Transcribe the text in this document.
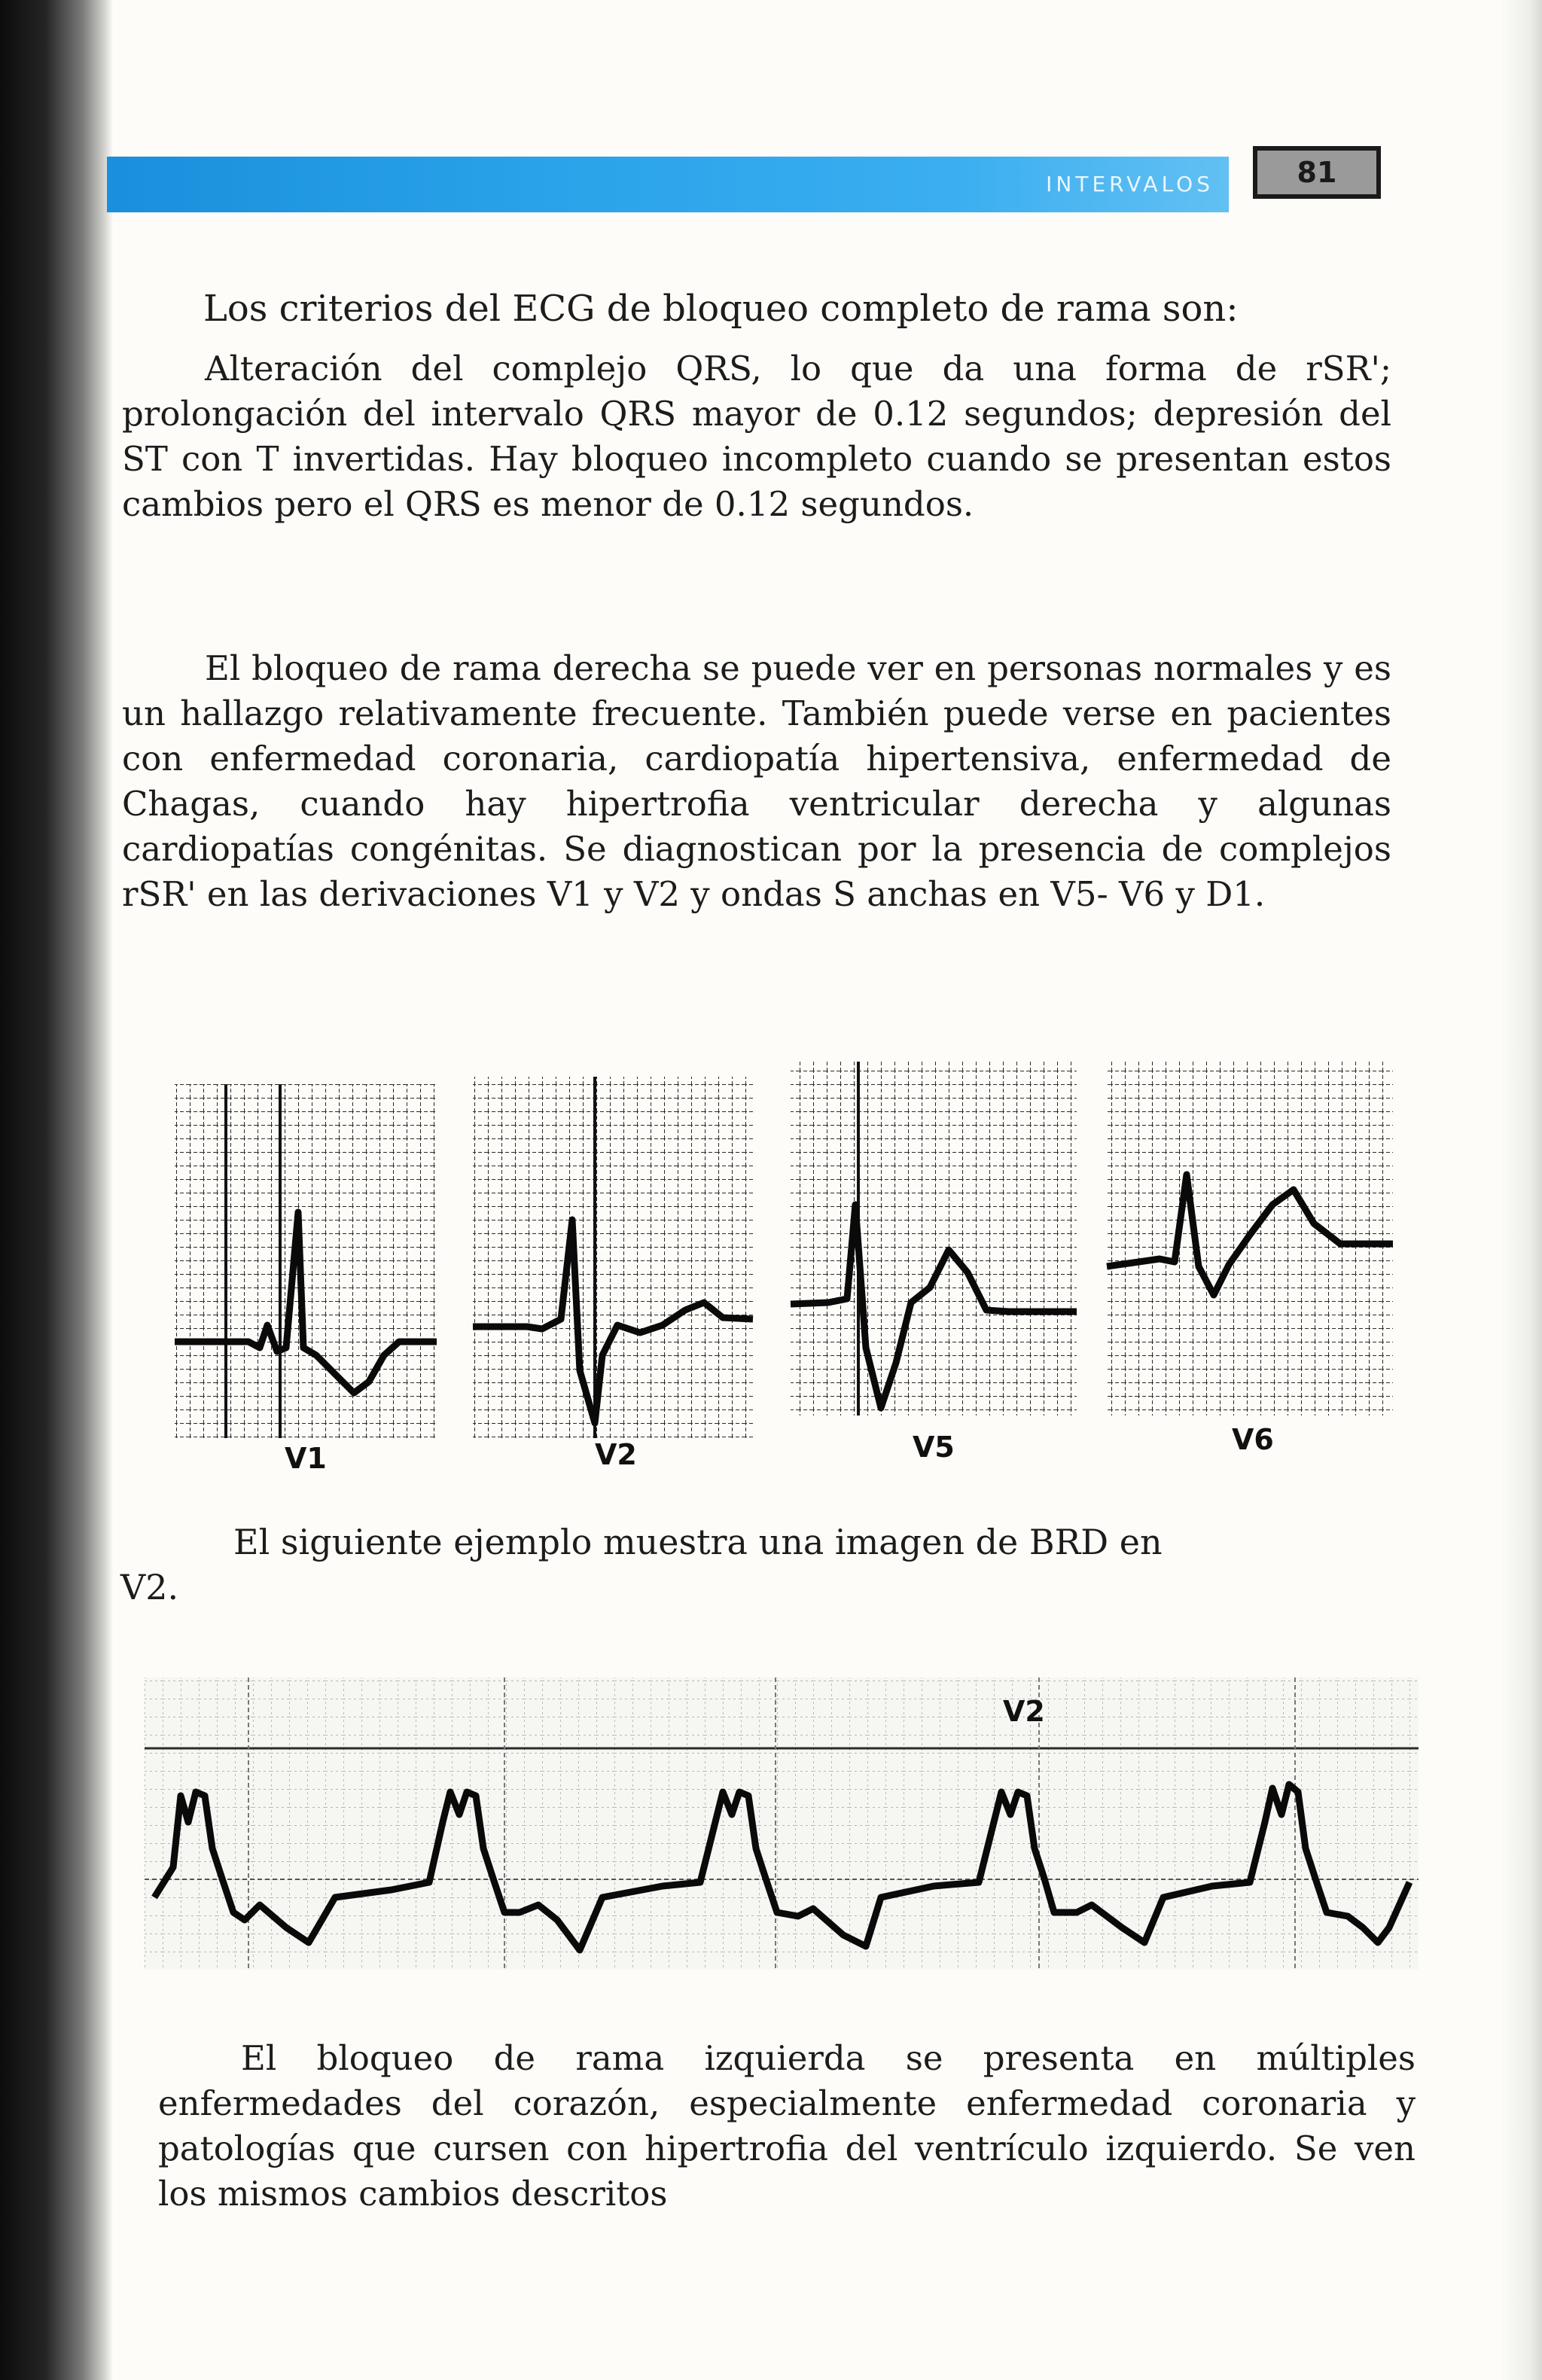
INTERVALOS	81
Los criterios del ECG de bloqueo completo de rama son:

Alteración del complejo QRS, lo que da una forma de rSR'; prolongación del intervalo QRS mayor de 0.12 segundos; depresión del ST con T invertidas. Hay bloqueo incompleto cuando se presentan estos cambios pero el QRS es menor de 0.12 segundos.

El bloqueo de rama derecha se puede ver en personas normales y es un hallazgo relativamente frecuente. También puede verse en pacientes con enfermedad coronaria, cardiopatía hipertensiva, enfermedad de Chagas, cuando hay hipertrofia ventricular derecha y algunas cardiopatías congénitas. Se diagnostican por la presencia de complejos rSR' en las derivaciones V1 y V2 y ondas S anchas en V5- V6 y D1.

V1	V2	V5	V6
V2
El siguiente ejemplo muestra una imagen de BRD en
V2.

El bloqueo de rama izquierda se presenta en múltiples enfermedades del corazón, especialmente enfermedad coronaria y patologías que cursen con hipertrofia del ventrículo izquierdo. Se ven los mismos cambios descritos
